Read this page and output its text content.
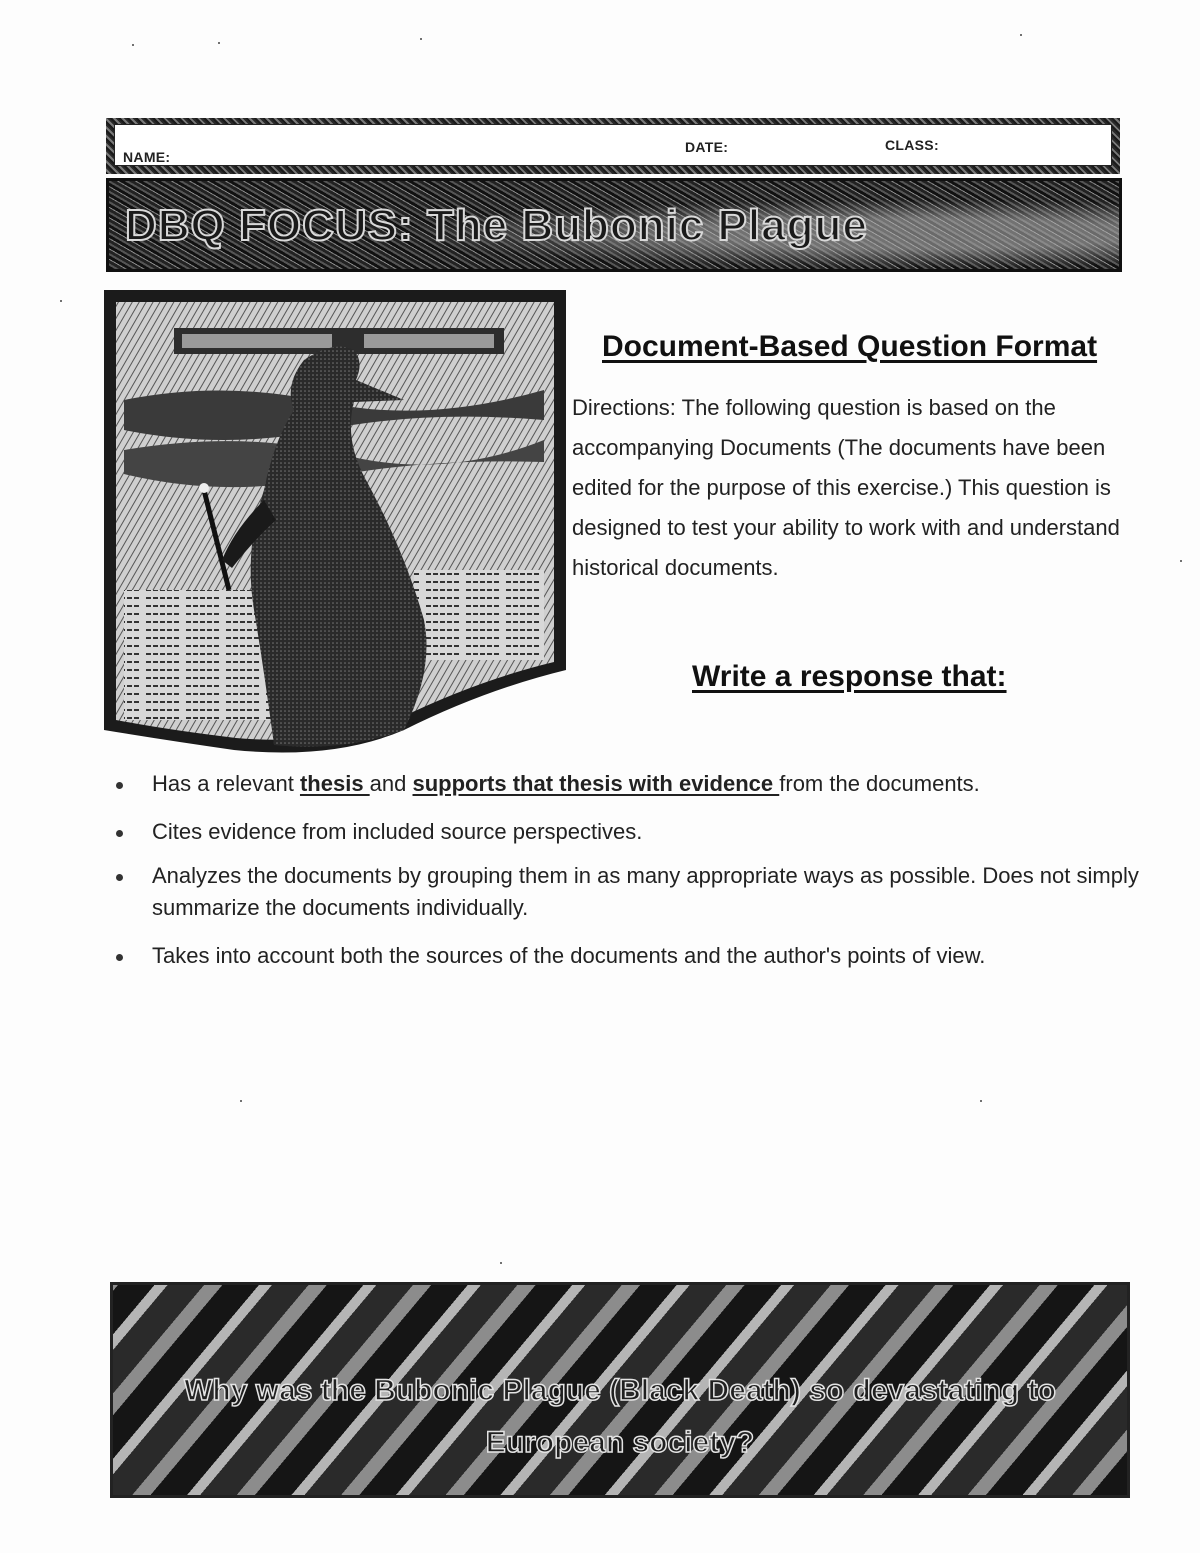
NAME:
DATE:	CLASS:
DBQ FOCUS: The Bubonic Plague
Document-Based Question Format
Directions: The following question is based on the accompanying Documents (The documents have been edited for the purpose of this exercise.) This question is designed to test your ability to work with and understand historical documents.
Write a response that:
Has a relevant thesis and supports that thesis with evidence from the documents.
Cites evidence from included source perspectives.
Analyzes the documents by grouping them in as many appropriate ways as possible. Does not simply summarize the documents individually.
Takes into account both the sources of the documents and the author's points of view.
Why was the Bubonic Plague (Black Death) so devastating to European society?
